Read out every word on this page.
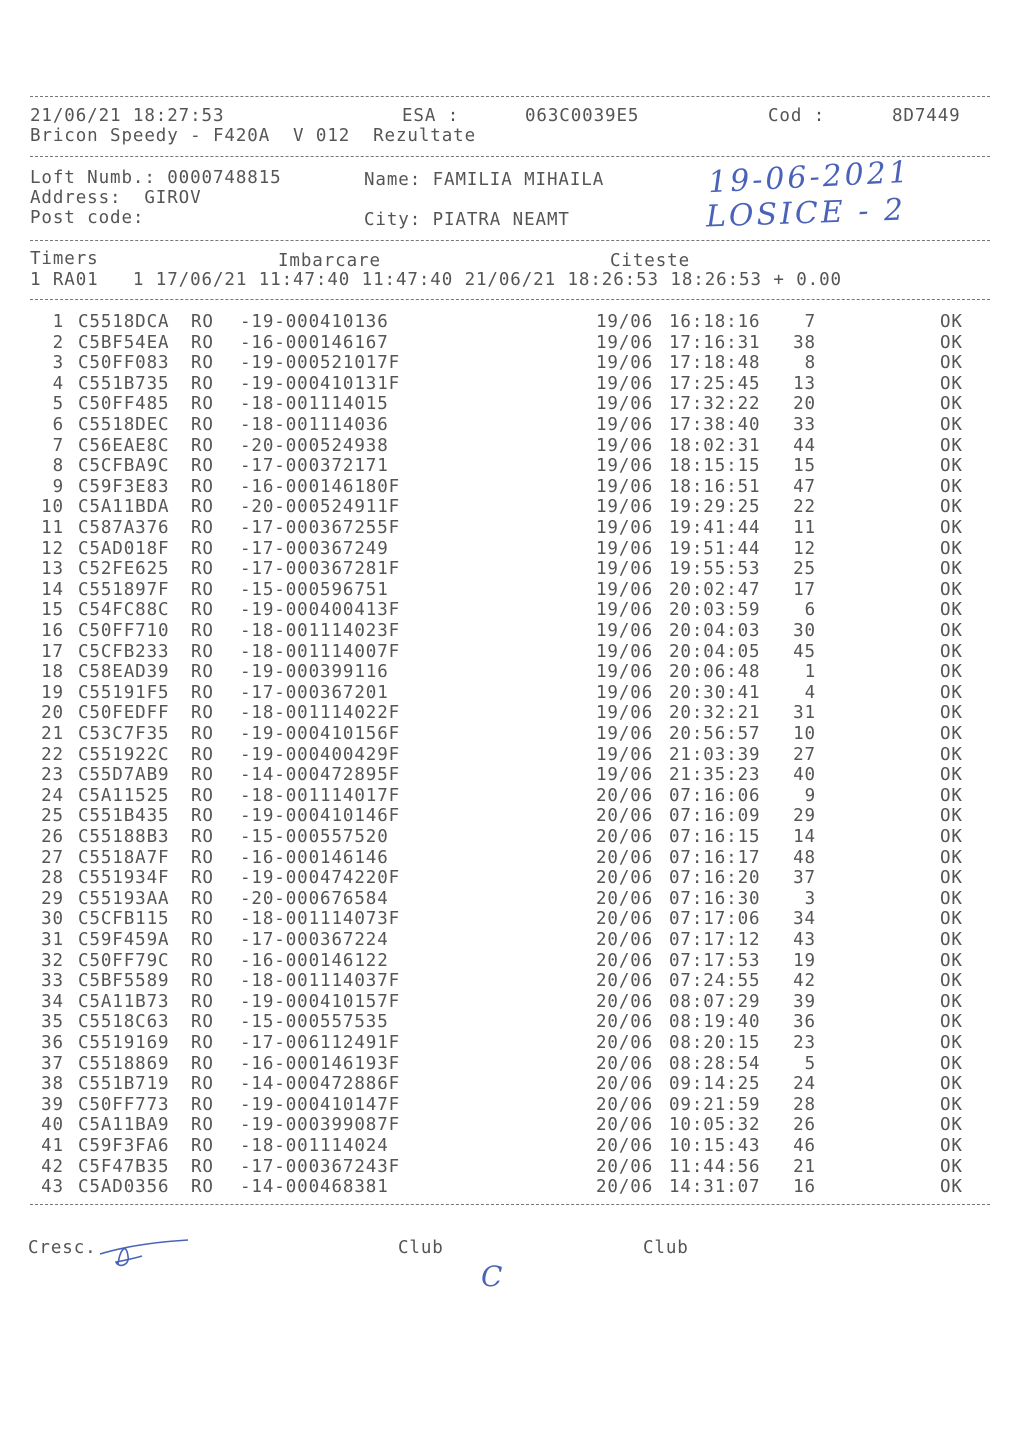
21/06/21 18:27:53	ESA :	063C0039E5	Cod :	8D7449
Bricon Speedy - F420A  V 012  Rezultate
Loft Numb.: 0000748815	Name: FAMILIA MIHAILA
Address:  GIROV
Post code:	City: PIATRA NEAMT
19-06-2021
LOSICE - 2
Timers	Imbarcare	Citeste
1 RA01   1 17/06/21 11:47:40 11:47:40 21/06/21 18:26:53 18:26:53 + 0.00
1 C5518DCA RO -19-000410136	19/06 16:18:16	7	OK
2 C5BF54EA RO -16-000146167	19/06 17:16:31 38	OK
3 C50FF083 RO -19-000521017F	19/06 17:18:48	8	OK
4 C551B735 RO -19-000410131F	19/06 17:25:45 13	OK
5 C50FF485 RO -18-001114015	19/06 17:32:22 20	OK
6 C5518DEC RO -18-001114036	19/06 17:38:40 33	OK
7 C56EAE8C RO -20-000524938	19/06 18:02:31 44	OK
8 C5CFBA9C RO -17-000372171	19/06 18:15:15 15	OK
9 C59F3E83 RO -16-000146180F	19/06 18:16:51 47	OK
10 C5A11BDA RO -20-000524911F	19/06 19:29:25 22	OK
11 C587A376 RO -17-000367255F	19/06 19:41:44 11	OK
12 C5AD018F RO -17-000367249	19/06 19:51:44 12	OK
13 C52FE625 RO -17-000367281F	19/06 19:55:53 25	OK
14 C551897F RO -15-000596751	19/06 20:02:47 17	OK
15 C54FC88C RO -19-000400413F	19/06 20:03:59	6	OK
16 C50FF710 RO -18-001114023F	19/06 20:04:03 30	OK
17 C5CFB233 RO -18-001114007F	19/06 20:04:05 45	OK
18 C58EAD39 RO -19-000399116	19/06 20:06:48	1	OK
19 C55191F5 RO -17-000367201	19/06 20:30:41	4	OK
20 C50FEDFF RO -18-001114022F	19/06 20:32:21 31	OK
21 C53C7F35 RO -19-000410156F	19/06 20:56:57 10	OK
22 C551922C RO -19-000400429F	19/06 21:03:39 27	OK
23 C55D7AB9 RO -14-000472895F	19/06 21:35:23 40	OK
24 C5A11525 RO -18-001114017F	20/06 07:16:06	9	OK
25 C551B435 RO -19-000410146F	20/06 07:16:09 29	OK
26 C55188B3 RO -15-000557520	20/06 07:16:15 14	OK
27 C5518A7F RO -16-000146146	20/06 07:16:17 48	OK
28 C551934F RO -19-000474220F	20/06 07:16:20 37	OK
29 C55193AA RO -20-000676584	20/06 07:16:30	3	OK
30 C5CFB115 RO -18-001114073F	20/06 07:17:06 34	OK
31 C59F459A RO -17-000367224	20/06 07:17:12 43	OK
32 C50FF79C RO -16-000146122	20/06 07:17:53 19	OK
33 C5BF5589 RO -18-001114037F	20/06 07:24:55 42	OK
34 C5A11B73 RO -19-000410157F	20/06 08:07:29 39	OK
35 C5518C63 RO -15-000557535	20/06 08:19:40 36	OK
36 C5519169 RO -17-006112491F	20/06 08:20:15 23	OK
37 C5518869 RO -16-000146193F	20/06 08:28:54	5	OK
38 C551B719 RO -14-000472886F	20/06 09:14:25 24	OK
39 C50FF773 RO -19-000410147F	20/06 09:21:59 28	OK
40 C5A11BA9 RO -19-000399087F	20/06 10:05:32 26	OK
41 C59F3FA6 RO -18-001114024	20/06 10:15:43 46	OK
42 C5F47B35 RO -17-000367243F	20/06 11:44:56 21	OK
43 C5AD0356 RO -14-000468381	20/06 14:31:07 16	OK
Cresc.	Club	Club
C
